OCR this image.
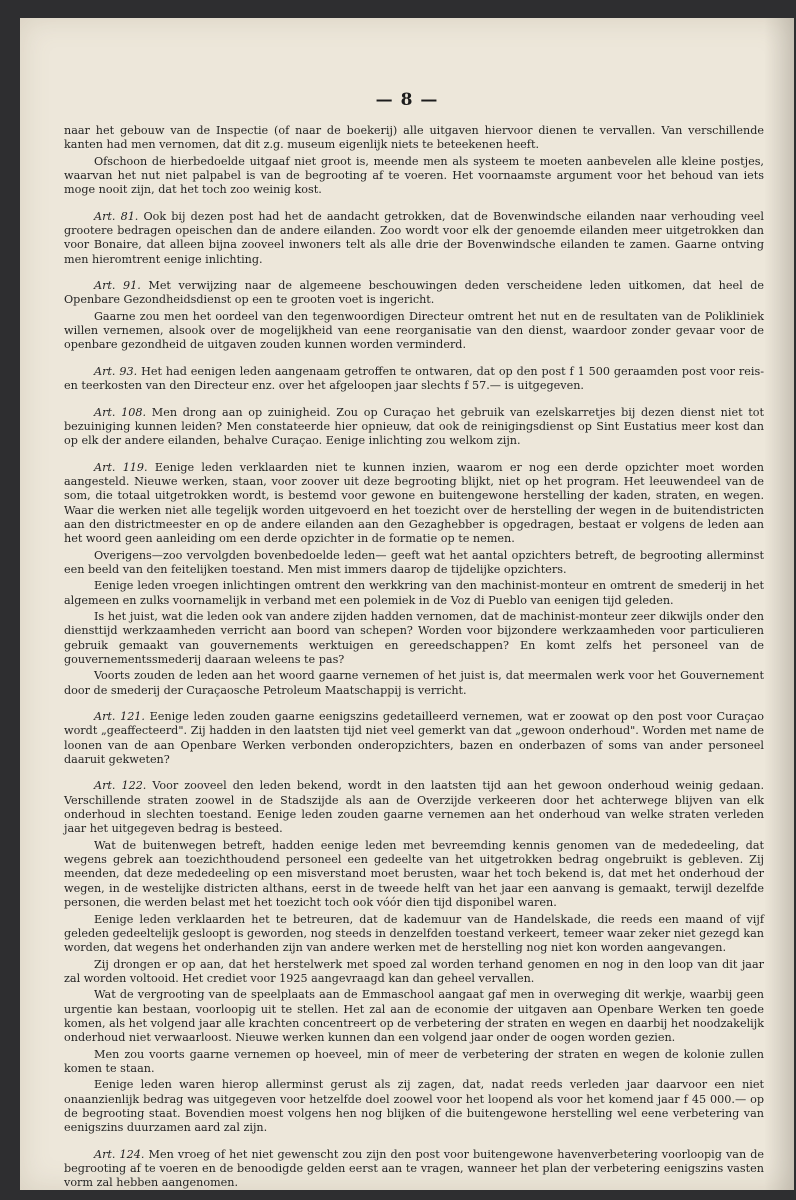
— 8 —

naar het gebouw van de Inspectie (of naar de boekerij) alle uitgaven hiervoor dienen te vervallen. Van verschillende kanten had men vernomen, dat dit z.g. museum eigenlijk niets te beteekenen heeft.

Ofschoon de hierbedoelde uitgaaf niet groot is, meende men als systeem te moeten aanbevelen alle kleine postjes, waarvan het nut niet palpabel is van de begrooting af te voeren. Het voornaamste argument voor het behoud van iets moge nooit zijn, dat het toch zoo weinig kost.

Art. 81. Ook bij dezen post had het de aandacht getrokken, dat de Bovenwindsche eilanden naar verhouding veel grootere bedragen opeischen dan de andere eilanden. Zoo wordt voor elk der genoemde eilanden meer uitgetrokken dan voor Bonaire, dat alleen bijna zooveel inwoners telt als alle drie der Bovenwindsche eilanden te zamen. Gaarne ontving men hieromtrent eenige inlichting.

Art. 91. Met verwijzing naar de algemeene beschouwingen deden verscheidene leden uitkomen, dat heel de Openbare Gezondheidsdienst op een te grooten voet is ingericht.

Gaarne zou men het oordeel van den tegenwoordigen Directeur omtrent het nut en de resultaten van de Polikliniek willen vernemen, alsook over de mogelijkheid van eene reorganisatie van den dienst, waardoor zonder gevaar voor de openbare gezondheid de uitgaven zouden kunnen worden verminderd.

Art. 93. Het had eenigen leden aangenaam getroffen te ontwaren, dat op den post f 1 500 geraamden post voor reis- en teerkosten van den Directeur enz. over het afgeloopen jaar slechts f 57.— is uitgegeven.

Art. 108. Men drong aan op zuinigheid. Zou op Curaçao het gebruik van ezelskarretjes bij dezen dienst niet tot bezuiniging kunnen leiden? Men constateerde hier opnieuw, dat ook de reinigingsdienst op Sint Eustatius meer kost dan op elk der andere eilanden, behalve Curaçao. Eenige inlichting zou welkom zijn.

Art. 119. Eenige leden verklaarden niet te kunnen inzien, waarom er nog een derde opzichter moet worden aangesteld. Nieuwe werken, staan, voor zoover uit deze begrooting blijkt, niet op het program. Het leeuwendeel van de som, die totaal uitgetrokken wordt, is bestemd voor gewone en buitengewone herstelling der kaden, straten, en wegen. Waar die werken niet alle tegelijk worden uitgevoerd en het toezicht over de herstelling der wegen in de buitendistricten aan den districtmeester en op de andere eilanden aan den Gezaghebber is opgedragen, bestaat er volgens de leden aan het woord geen aanleiding om een derde opzichter in de formatie op te nemen.

Overigens—zoo vervolgden bovenbedoelde leden— geeft wat het aantal opzichters betreft, de begrooting allerminst een beeld van den feitelijken toestand. Men mist immers daarop de tijdelijke opzichters.

Eenige leden vroegen inlichtingen omtrent den werkkring van den machinist-monteur en omtrent de smederij in het algemeen en zulks voornamelijk in verband met een polemiek in de Voz di Pueblo van eenigen tijd geleden.

Is het juist, wat die leden ook van andere zijden hadden vernomen, dat de machinist-monteur zeer dikwijls onder den diensttijd werkzaamheden verricht aan boord van schepen? Worden voor bijzondere werkzaamheden voor particulieren gebruik gemaakt van gouvernements werktuigen en gereedschappen? En komt zelfs het personeel van de gouvernementssmederij daaraan weleens te pas?

Voorts zouden de leden aan het woord gaarne vernemen of het juist is, dat meermalen werk voor het Gouvernement door de smederij der Curaçaosche Petroleum Maatschappij is verricht.

Art. 121. Eenige leden zouden gaarne eenigszins gedetailleerd vernemen, wat er zoowat op den post voor Curaçao wordt „geaffecteerd". Zij hadden in den laatsten tijd niet veel gemerkt van dat „gewoon onderhoud". Worden met name de loonen van de aan Openbare Werken verbonden onderopzichters, bazen en onderbazen of soms van ander personeel daaruit gekweten?

Art. 122. Voor zooveel den leden bekend, wordt in den laatsten tijd aan het gewoon onderhoud weinig gedaan. Verschillende straten zoowel in de Stadszijde als aan de Overzijde verkeeren door het achterwege blijven van elk onderhoud in slechten toestand. Eenige leden zouden gaarne vernemen aan het onderhoud van welke straten verleden jaar het uitgegeven bedrag is besteed.

Wat de buitenwegen betreft, hadden eenige leden met bevreemding kennis genomen van de mededeeling, dat wegens gebrek aan toezichthoudend personeel een gedeelte van het uitgetrokken bedrag ongebruikt is gebleven. Zij meenden, dat deze mededeeling op een misverstand moet berusten, waar het toch bekend is, dat met het onderhoud der wegen, in de westelijke districten althans, eerst in de tweede helft van het jaar een aanvang is gemaakt, terwijl dezelfde personen, die werden belast met het toezicht toch ook vóór dien tijd disponibel waren.

Eenige leden verklaarden het te betreuren, dat de kademuur van de Handelskade, die reeds een maand of vijf geleden gedeeltelijk gesloopt is geworden, nog steeds in denzelfden toestand verkeert, temeer waar zeker niet gezegd kan worden, dat wegens het onderhanden zijn van andere werken met de herstelling nog niet kon worden aangevangen.

Zij drongen er op aan, dat het herstelwerk met spoed zal worden terhand genomen en nog in den loop van dit jaar zal worden voltooid. Het crediet voor 1925 aangevraagd kan dan geheel vervallen.

Wat de vergrooting van de speelplaats aan de Emmaschool aangaat gaf men in overweging dit werkje, waarbij geen urgentie kan bestaan, voorloopig uit te stellen. Het zal aan de economie der uitgaven aan Openbare Werken ten goede komen, als het volgend jaar alle krachten concentreert op de verbetering der straten en wegen en daarbij het noodzakelijk onderhoud niet verwaarloost. Nieuwe werken kunnen dan een volgend jaar onder de oogen worden gezien.

Men zou voorts gaarne vernemen op hoeveel, min of meer de verbetering der straten en wegen de kolonie zullen komen te staan.

Eenige leden waren hierop allerminst gerust als zij zagen, dat, nadat reeds verleden jaar daarvoor een niet onaanzienlijk bedrag was uitgegeven voor hetzelfde doel zoowel voor het loopend als voor het komend jaar f 45 000.— op de begrooting staat. Bovendien moest volgens hen nog blijken of die buitengewone herstelling wel eene verbetering van eenigszins duurzamen aard zal zijn.

Art. 124. Men vroeg of het niet gewenscht zou zijn den post voor buitengewone havenverbetering voorloopig van de begrooting af te voeren en de benoodigde gelden eerst aan te vragen, wanneer het plan der verbetering eenigszins vasten vorm zal hebben aangenomen.
